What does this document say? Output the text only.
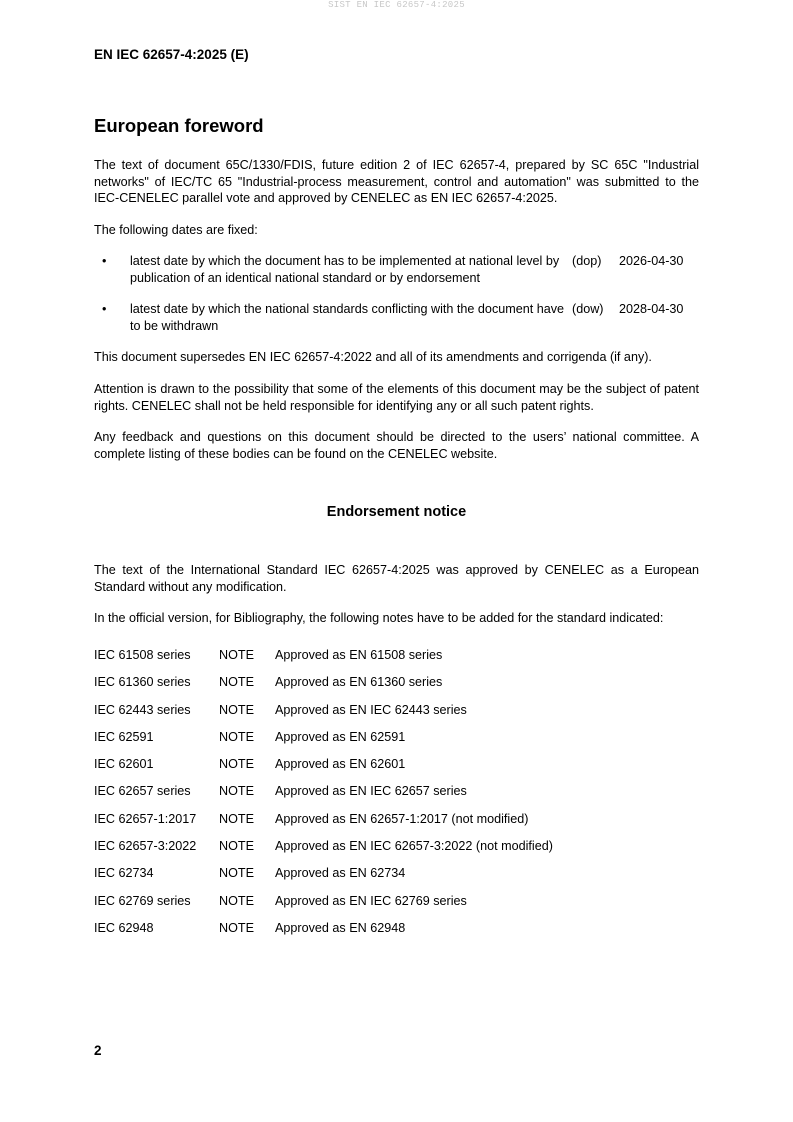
SIST EN IEC 62657-4:2025
EN IEC 62657-4:2025 (E)
European foreword

The text of document 65C/1330/FDIS, future edition 2 of IEC 62657-4, prepared by SC 65C "Industrial networks" of IEC/TC 65 "Industrial-process measurement, control and automation" was submitted to the IEC-CENELEC parallel vote and approved by CENELEC as EN IEC 62657-4:2025.

The following dates are fixed:

• latest date by which the document has to be implemented at national level by publication of an identical national standard or by endorsement
(dop) 2026-04-30
• latest date by which the national standards conflicting with the document have to be withdrawn
(dow) 2028-04-30

This document supersedes EN IEC 62657-4:2022 and all of its amendments and corrigenda (if any).

Attention is drawn to the possibility that some of the elements of this document may be the subject of patent rights. CENELEC shall not be held responsible for identifying any or all such patent rights.

Any feedback and questions on this document should be directed to the users’ national committee. A complete listing of these bodies can be found on the CENELEC website.

Endorsement notice

The text of the International Standard IEC 62657-4:2025 was approved by CENELEC as a European Standard without any modification.

In the official version, for Bibliography, the following notes have to be added for the standard indicated:

IEC 61508 series NOTE Approved as EN 61508 series
IEC 61360 series NOTE Approved as EN 61360 series
IEC 62443 series NOTE Approved as EN IEC 62443 series
IEC 62591	NOTE Approved as EN 62591
IEC 62601	NOTE Approved as EN 62601
IEC 62657 series NOTE Approved as EN IEC 62657 series
IEC 62657-1:2017 NOTE Approved as EN 62657-1:2017 (not modified)
IEC 62657-3:2022 NOTE Approved as EN IEC 62657-3:2022 (not modified)
IEC 62734	NOTE Approved as EN 62734
IEC 62769 series NOTE Approved as EN IEC 62769 series
IEC 62948	NOTE Approved as EN 62948
2
